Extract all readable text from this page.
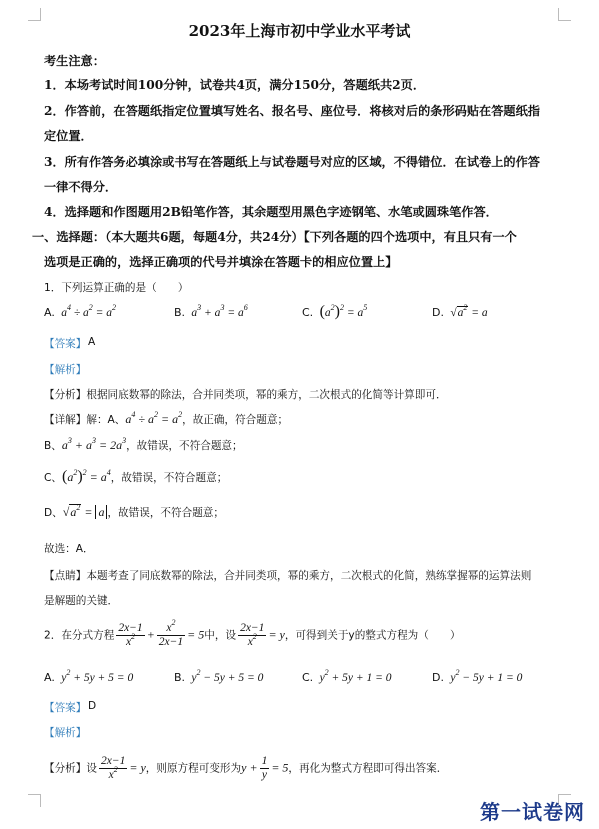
2023年上海市初中学业水平考试
考生注意：
1．本场考试时间100分钟，试卷共4页，满分150分，答题纸共2页．
2．作答前，在答题纸指定位置填写姓名、报名号、座位号．将核对后的条形码贴在答题纸指
定位置．
3．所有作答务必填涂或书写在答题纸上与试卷题号对应的区域，不得错位．在试卷上的作答
一律不得分．
4．选择题和作图题用2B铅笔作答，其余题型用黑色字迹钢笔、水笔或圆珠笔作答．
一、选择题：（本大题共6题，每题4分，共24分）【下列各题的四个选项中，有且只有一个
选项是正确的，选择正确项的代号并填涂在答题卡的相应位置上】
1．下列运算正确的是（　　）
A.  $a^4 \div a^2 = a^2$	B.  $a^3 + a^3 = a^6$	C. $(a^2)^2 = a^5$	D.  $√a^2 = a$
【答案】 A
【解析】
【分析】根据同底数幂的除法，合并同类项，幂的乘方，二次根式的化简等计算即可．
【详解】解：A、$a^4 \div a^2 = a^2$，故正确，符合题意；
B、$a^3 + a^3 = 2a^3$，故错误，不符合题意；
C、$(a^2)^2 = a^4$，故错误，不符合题意；
D、$√a^2 = a$ ，故错误，不符合题意；
故选：A．
【点睛】本题考查了同底数幂的除法，合并同类项，幂的乘方，二次根式的化简，熟练掌握幂的运算法则
是解题的关键．
2．在分式方程 $\frac{2x-1}{x^2} + \frac{x^2}{2x-1} = 5$中，设 $\frac{2x-1}{x^2} = y$，可得到关于y的整式方程为（　　）
A.  $y^2 + 5y + 5 = 0$	B.  $y^2 - 5y + 5 = 0$	C.  $y^2 + 5y + 1 = 0$	D.  $y^2 - 5y + 1 = 0$
【答案】 D
【解析】
【分析】设 $\frac{2x-1}{x^2} = y$，则原方程可变形为$y + \frac{1}{y} = 5$，再化为整式方程即可得出答案．
第一试卷网
